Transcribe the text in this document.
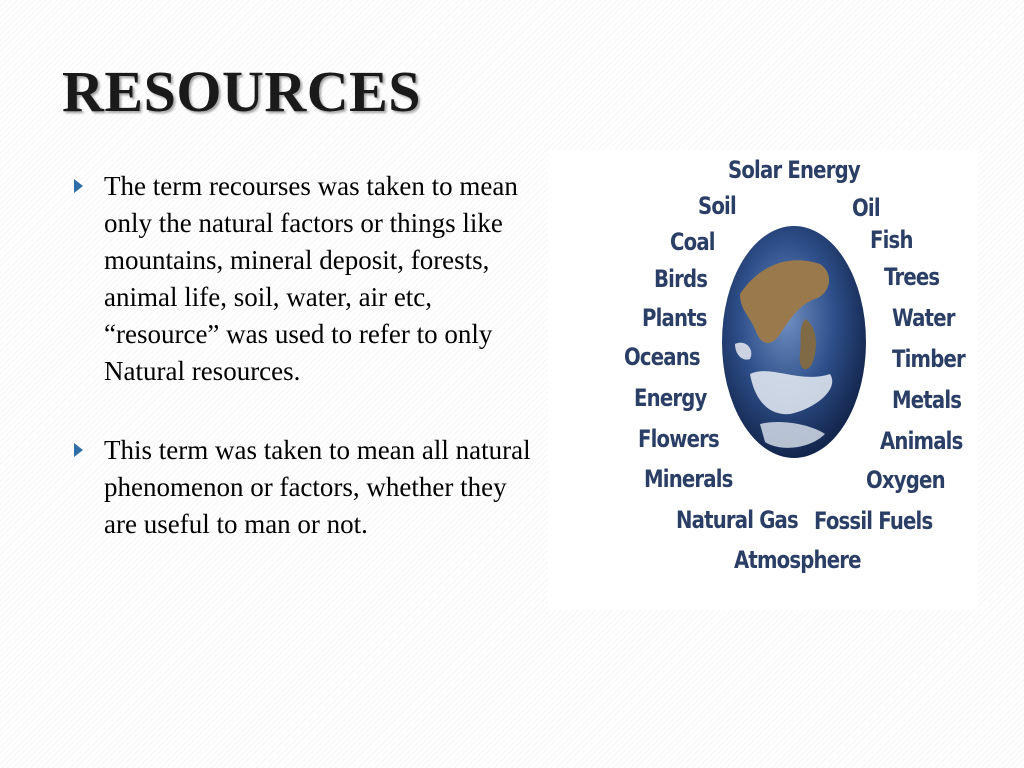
RESOURCES
The term recourses was taken to mean only the natural factors or things like mountains, mineral deposit, forests, animal life, soil, water, air etc, “resource” was used to refer to only Natural resources.
This term was taken to mean all natural phenomenon or factors, whether they are useful to man or not.
Solar Energy
Soil	Oil
Coal	Fish
Birds	Trees
Plants	Water
Oceans	Timber
Energy	Metals
Flowers	Animals
Minerals	Oxygen
Natural Gas Fossil Fuels
Atmosphere
